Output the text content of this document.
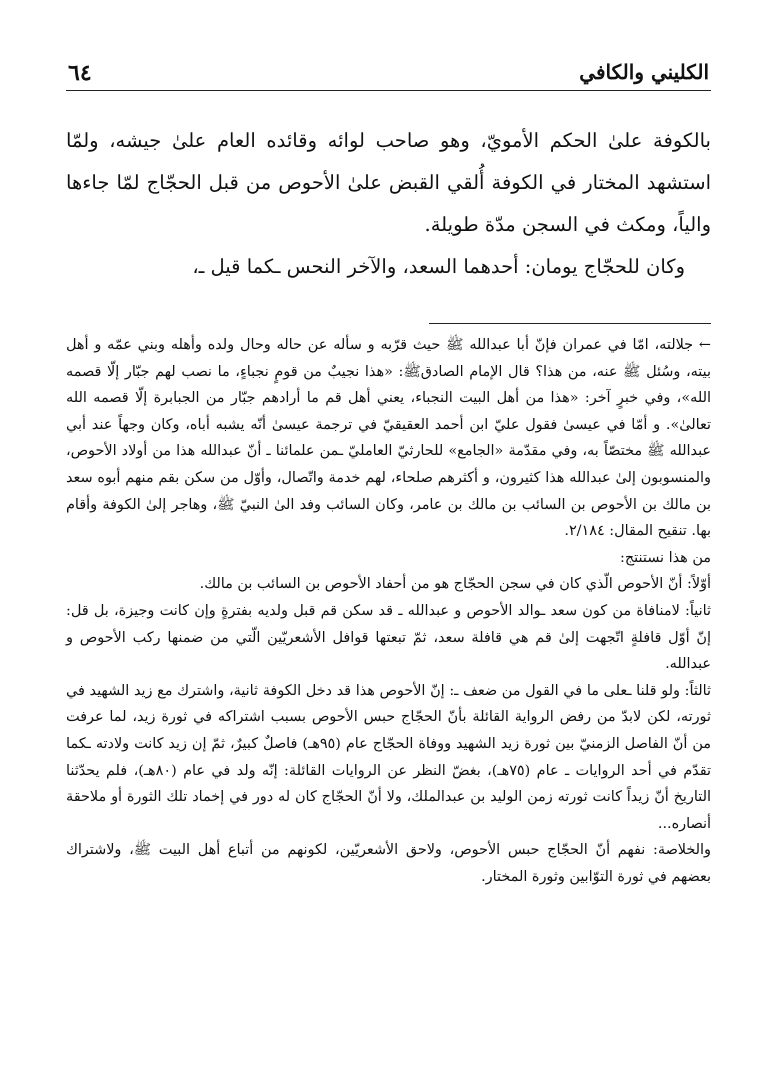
٦٤	الكليني والكافي

بالكوفة علىٰ الحكم الأمويّ، وهو صاحب لوائه وقائده العام علىٰ جيشه، ولمّا استشهد المختار في الكوفة أُلقي القبض علىٰ الأحوص من قبل الحجّاج لمّا جاءها والياً، ومكث في السجن مدّة طويلة.

وكان للحجّاج يومان: أحدهما السعد، والآخر النحس ـكما قيل ـ،

← جلالته، امّا في عمران فإنّ أبا عبدالله ﷺ حيث قرّبه و سأله عن حاله وحال ولده وأهله وبني عمّه و أهل بيته، وسُئل ﷺ عنه، من هذا؟ قال الإمام الصادقﷺ: «هذا نجيبٌ من قومٍ نجباءٍ، ما نصب لهم جبّار إلّا قصمه الله»، وفي خبرٍ آخر: «هذا من أهل البيت النجباء، يعني أهل قم ما أرادهم جبّار من الجبابرة إلّا قصمه الله تعالىٰ». و أمّا في عيسىٰ فقول عليّ ابن أحمد العقيقيّ في ترجمة عيسىٰ أنّه يشبه أباه، وكان وجهاً عند أبي عبدالله ﷺ مختصّاً به، وفي مقدّمة «الجامع» للحارثيّ العامليّ ـمن علمائنا ـ أنّ عبدالله هذا من أولاد الأحوص، والمنسوبون إلىٰ عبدالله هذا كثيرون، و أكثرهم صلحاء، لهم خدمة واتّصال، وأوّل من سكن بقم منهم أبوه سعد بن مالك بن الأحوص بن السائب بن مالك بن عامر، وكان السائب وفد الىٰ النبيّ ﷺ، وهاجر إلىٰ الكوفة وأقام بها. تنقيح المقال: ٢/١٨٤.

من هذا نستنتج:

أوّلاً: أنّ الأحوص الّذي كان في سجن الحجّاج هو من أحفاد الأحوص بن السائب بن مالك.

ثانياً: لامنافاة من كون سعد ـوالد الأحوص و عبدالله ـ قد سكن قم قبل ولديه بفترةٍ وإن كانت وجيزة، بل قل: إنّ أوّل قافلةٍ اتّجهت إلىٰ قم هي قافلة سعد، ثمّ تبعتها قوافل الأشعريّين الّتي من ضمنها ركب الأحوص و عبدالله.

ثالثاً: ولو قلنا ـعلى ما في القول من ضعف ـ: إنّ الأحوص هذا قد دخل الكوفة ثانية، واشترك مع زيد الشهيد في ثورته، لكن لابدّ من رفض الرواية القائلة بأنّ الحجّاج حبس الأحوص بسبب اشتراكه في ثورة زيد، لما عرفت من أنّ الفاصل الزمنيّ بين ثورة زيد الشهيد ووفاة الحجّاج عام (٩٥هـ) فاصلٌ كبيرٌ، ثمّ إن زيد كانت ولادته ـكما تقدّم في أحد الروايات ـ عام (٧٥هـ)، بغضّ النظر عن الروايات القائلة: إنّه ولد في عام (٨٠هـ)، فلم يحدّثنا التاريخ أنّ زيداً كانت ثورته زمن الوليد بن عبدالملك، ولا أنّ الحجّاج كان له دور في إخماد تلك الثورة أو ملاحقة أنصاره...

والخلاصة: نفهم أنّ الحجّاج حبس الأحوص، ولاحق الأشعريّين، لكونهم من أتباع أهل البيت ﷺ، ولاشتراك بعضهم في ثورة التوّابين وثورة المختار.
